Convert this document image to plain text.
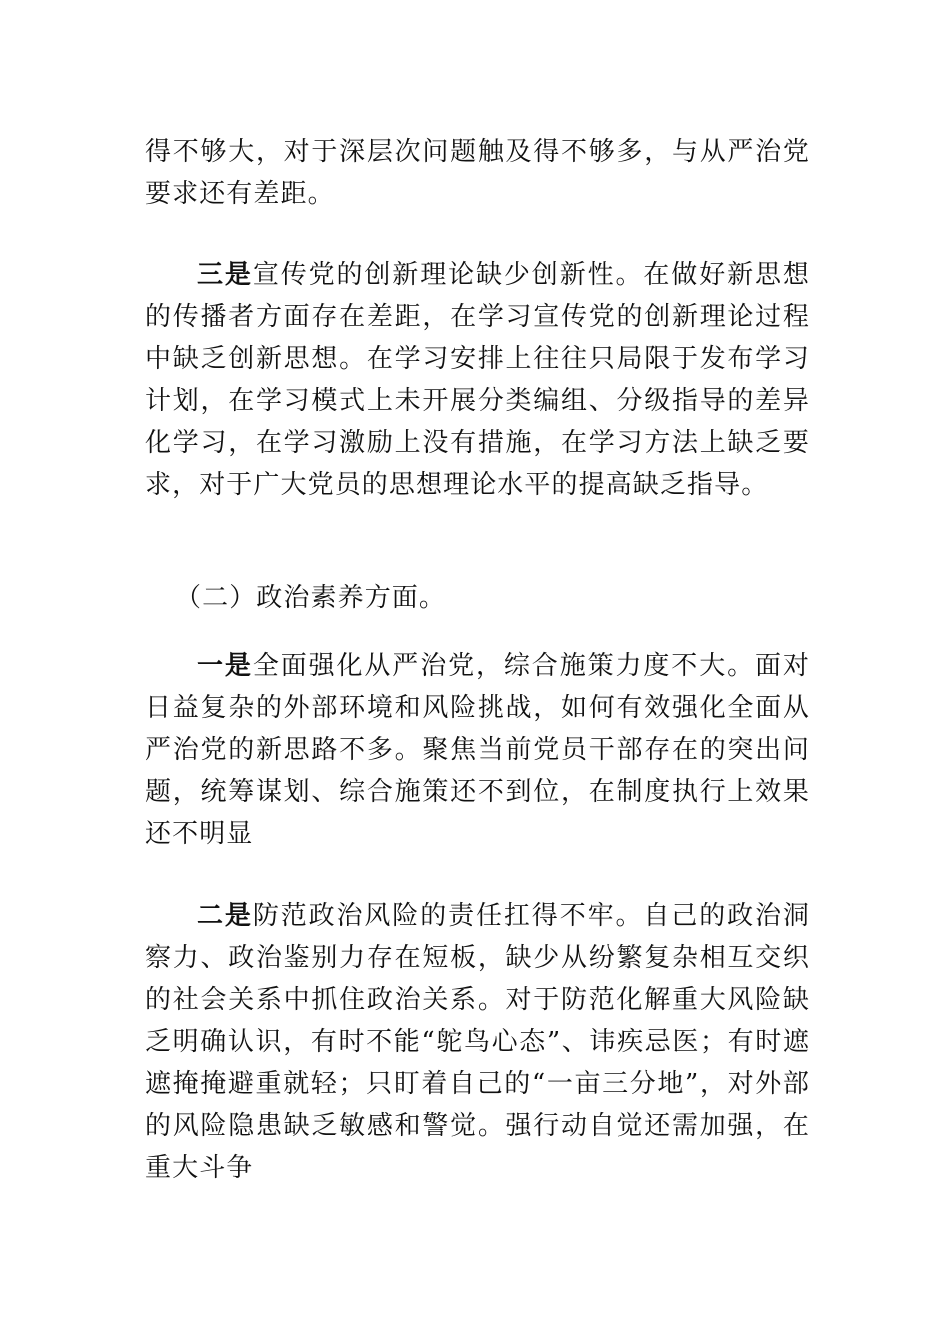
得不够大，对于深层次问题触及得不够多，与从严治党要求还有差距。

三是宣传党的创新理论缺少创新性。在做好新思想的传播者方面存在差距，在学习宣传党的创新理论过程中缺乏创新思想。在学习安排上往往只局限于发布学习计划，在学习模式上未开展分类编组、分级指导的差异化学习，在学习激励上没有措施，在学习方法上缺乏要求，对于广大党员的思想理论水平的提高缺乏指导。

（二）政治素养方面。

一是全面强化从严治党，综合施策力度不大。面对日益复杂的外部环境和风险挑战，如何有效强化全面从严治党的新思路不多。聚焦当前党员干部存在的突出问题，统筹谋划、综合施策还不到位，在制度执行上效果还不明显

二是防范政治风险的责任扛得不牢。自己的政治洞察力、政治鉴别力存在短板，缺少从纷繁复杂相互交织的社会关系中抓住政治关系。对于防范化解重大风险缺乏明确认识，有时不能“鸵鸟心态”、讳疾忌医；有时遮遮掩掩避重就轻；只盯着自己的“一亩三分地”，对外部的风险隐患缺乏敏感和警觉。强行动自觉还需加强，在重大斗争
